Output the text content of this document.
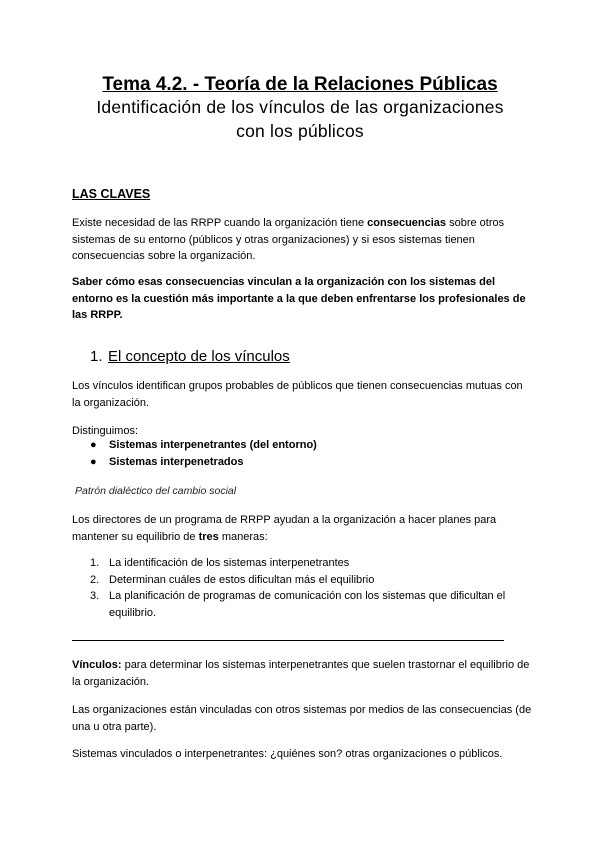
Tema 4.2. - Teoría de la Relaciones Públicas
Identificación de los vínculos de las organizaciones
con los públicos
LAS CLAVES
Existe necesidad de las RRPP cuando la organización tiene consecuencias sobre otros sistemas de su entorno (públicos y otras organizaciones) y si esos sistemas tienen consecuencias sobre la organización.
Saber cómo esas consecuencias vinculan a la organización con los sistemas del entorno es la cuestión más importante a la que deben enfrentarse los profesionales de las RRPP.
1. El concepto de los vínculos
Los vínculos identifican grupos probables de públicos que tienen consecuencias mutuas con la organización.
Distinguimos:
● Sistemas interpenetrantes (del entorno)
● Sistemas interpenetrados
Patrón dialéctico del cambio social
Los directores de un programa de RRPP ayudan a la organización a hacer planes para mantener su equilibrio de tres maneras:
1. La identificación de los sistemas interpenetrantes
2. Determinan cuáles de estos dificultan más el equilibrio
3. La planificación de programas de comunicación con los sistemas que dificultan el equilibrio.
Vínculos: para determinar los sistemas interpenetrantes que suelen trastornar el equilibrio de la organización.
Las organizaciones están vinculadas con otros sistemas por medios de las consecuencias (de una u otra parte).
Sistemas vinculados o interpenetrantes: ¿quiénes son? otras organizaciones o públicos.
